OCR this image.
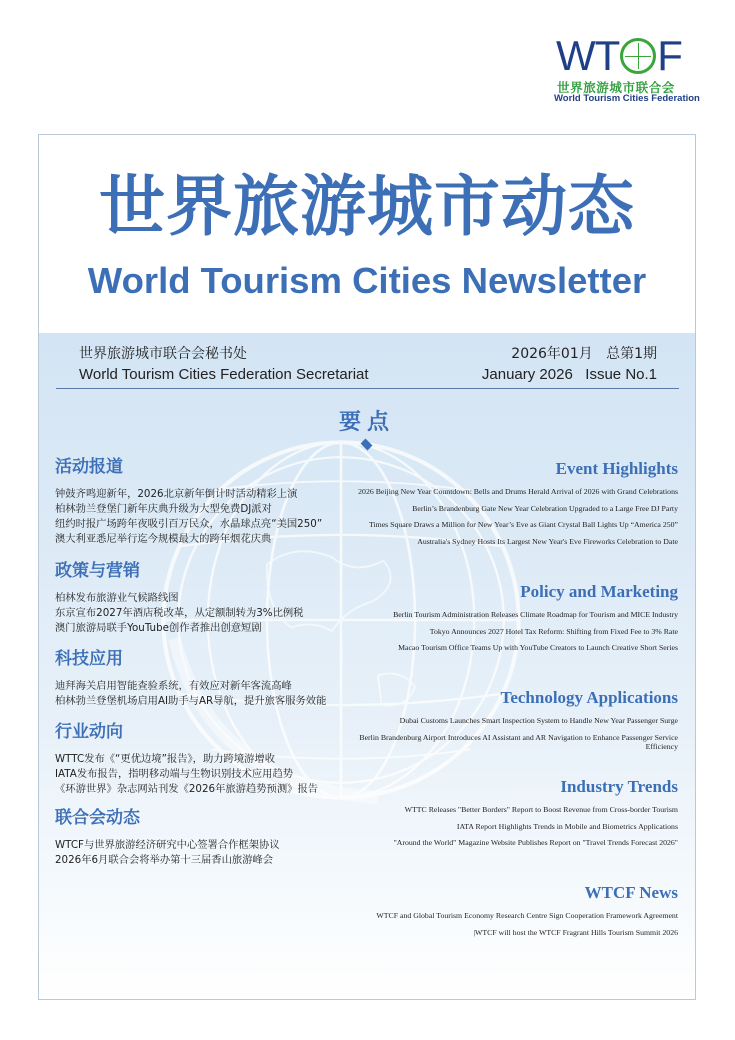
WT F
世界旅游城市联合会
World Tourism Cities Federation
世界旅游城市动态
World Tourism Cities Newsletter
世界旅游城市联合会秘书处
World Tourism Cities Federation Secretariat
2026年01月   总第1期
January 2026   Issue No.1
要点
活动报道
钟鼓齐鸣迎新年，2026北京新年倒计时活动精彩上演
柏林勃兰登堡门新年庆典升级为大型免费DJ派对
纽约时报广场跨年夜吸引百万民众，水晶球点亮“美国250”
澳大利亚悉尼举行迄今规模最大的跨年烟花庆典
政策与营销
柏林发布旅游业气候路线图
东京宣布2027年酒店税改革，从定额制转为3%比例税
澳门旅游局联手YouTube创作者推出创意短剧
科技应用
迪拜海关启用智能查验系统，有效应对新年客流高峰
柏林勃兰登堡机场启用AI助手与AR导航，提升旅客服务效能
行业动向
WTTC发布《“更优边境”报告》，助力跨境游增收
IATA发布报告，指明移动端与生物识别技术应用趋势
《环游世界》杂志网站刊发《2026年旅游趋势预测》报告
联合会动态
WTCF与世界旅游经济研究中心签署合作框架协议
2026年6月联合会将举办第十三届香山旅游峰会
Event Highlights
2026 Beijing New Year Countdown: Bells and Drums Herald Arrival of 2026 with Grand Celebrations
Berlin’s Brandenburg Gate New Year Celebration Upgraded to a Large Free DJ Party
Times Square Draws a Million for New Year’s Eve as Giant Crystal Ball Lights Up “America 250”
Australia's Sydney Hosts Its Largest New Year's Eve Fireworks Celebration to Date
Policy and Marketing
Berlin Tourism Administration Releases Climate Roadmap for Tourism and MICE Industry
Tokyo Announces 2027 Hotel Tax Reform: Shifting from Fixed Fee to 3% Rate
Macao Tourism Office Teams Up with YouTube Creators to Launch Creative Short Series
Technology Applications
Dubai Customs Launches Smart Inspection System to Handle New Year Passenger Surge
Berlin Brandenburg Airport Introduces AI Assistant and AR Navigation to Enhance Passenger Service Efficiency
Industry Trends
WTTC Releases "Better Borders" Report to Boost Revenue from Cross-border Tourism
IATA Report Highlights Trends in Mobile and Biometrics Applications
"Around the World" Magazine Website Publishes Report on "Travel Trends Forecast 2026"
WTCF News
WTCF and Global Tourism Economy Research Centre Sign Cooperation Framework Agreement
|WTCF will host the WTCF Fragrant Hills Tourism Summit 2026
